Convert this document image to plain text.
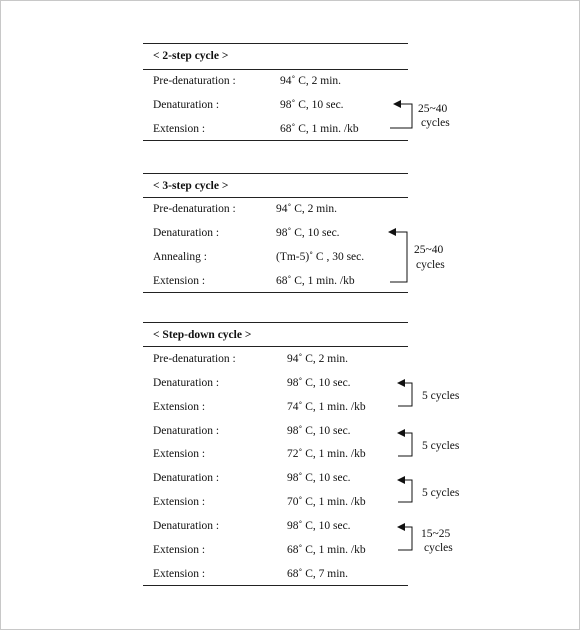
< 2-step cycle >
Pre-denaturation :	94˚ C, 2 min.
Denaturation :	98˚ C, 10 sec.
Extension :	68˚ C, 1 min. /kb
25~40
cycles
< 3-step cycle >
Pre-denaturation :	94˚ C, 2 min.
Denaturation :	98˚ C, 10 sec.
Annealing :	(Tm-5)˚ C , 30 sec.
Extension :	68˚ C, 1 min. /kb
25~40
cycles
< Step-down cycle >
Pre-denaturation :	94˚ C, 2 min.
Denaturation :	98˚ C, 10 sec.
Extension :	74˚ C, 1 min. /kb
Denaturation :	98˚ C, 10 sec.
Extension :	72˚ C, 1 min. /kb
Denaturation :	98˚ C, 10 sec.
Extension :	70˚ C, 1 min. /kb
Denaturation :	98˚ C, 10 sec.
Extension :	68˚ C, 1 min. /kb
Extension :	68˚ C, 7 min.
5 cycles
5 cycles
5 cycles
15~25
cycles
